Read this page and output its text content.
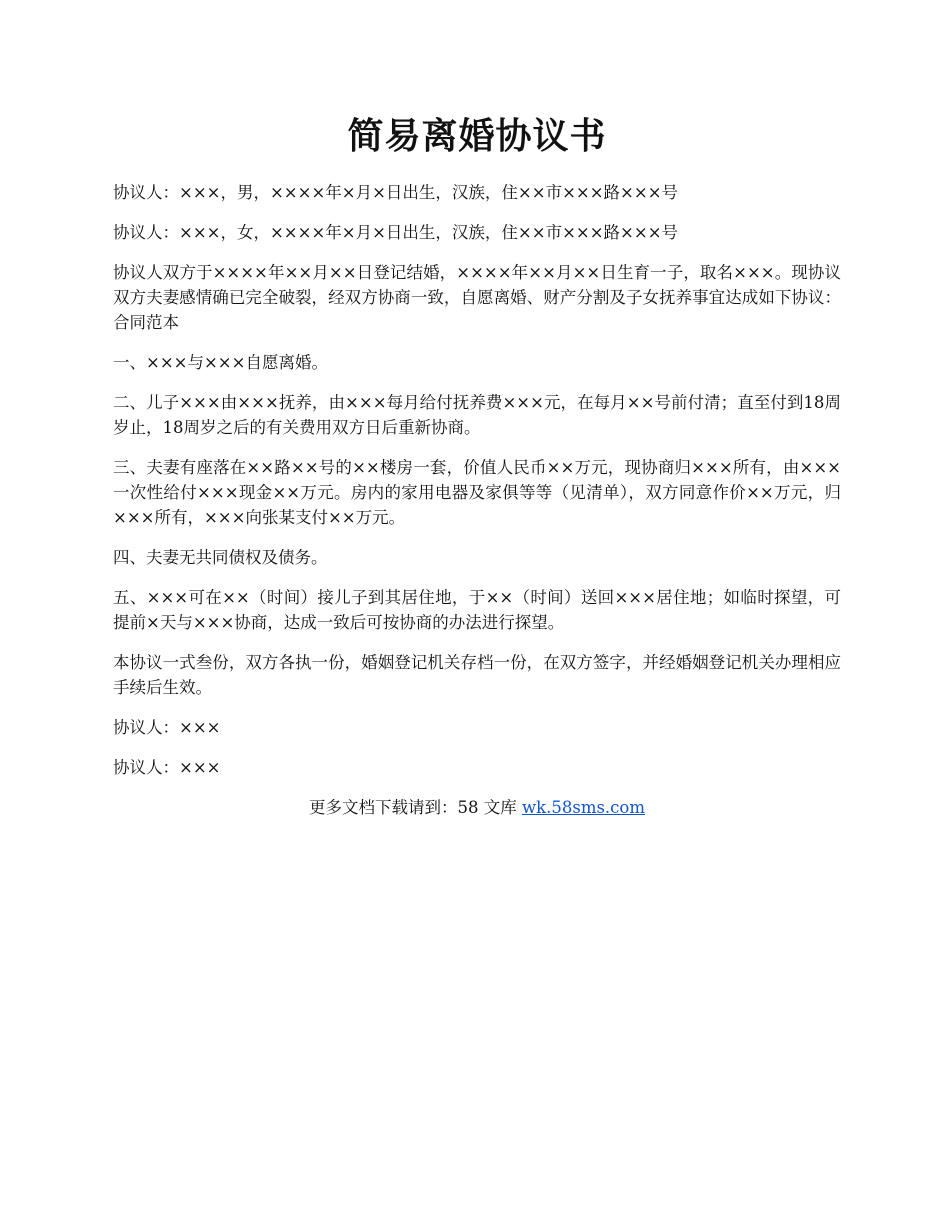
简易离婚协议书

协议人：×××，男，××××年×月×日出生，汉族，住××市×××路×××号

协议人：×××，女，××××年×月×日出生，汉族，住××市×××路×××号

协议人双方于××××年××月××日登记结婚，××××年××月××日生育一子，取名×××。现协议双方夫妻感情确已完全破裂，经双方协商一致，自愿离婚、财产分割及子女抚养事宜达成如下协议：合同范本

一、×××与×××自愿离婚。

二、儿子×××由×××抚养，由×××每月给付抚养费×××元，在每月××号前付清；直至付到18周岁止，18周岁之后的有关费用双方日后重新协商。

三、夫妻有座落在××路××号的××楼房一套，价值人民币××万元，现协商归×××所有，由×××一次性给付×××现金××万元。房内的家用电器及家俱等等（见清单），双方同意作价××万元，归×××所有，×××向张某支付××万元。

四、夫妻无共同债权及债务。

五、×××可在××（时间）接儿子到其居住地，于××（时间）送回×××居住地；如临时探望，可提前×天与×××协商，达成一致后可按协商的办法进行探望。

本协议一式叁份，双方各执一份，婚姻登记机关存档一份，在双方签字，并经婚姻登记机关办理相应手续后生效。

协议人：×××

协议人：×××

更多文档下载请到：58 文库 wk.58sms.com
